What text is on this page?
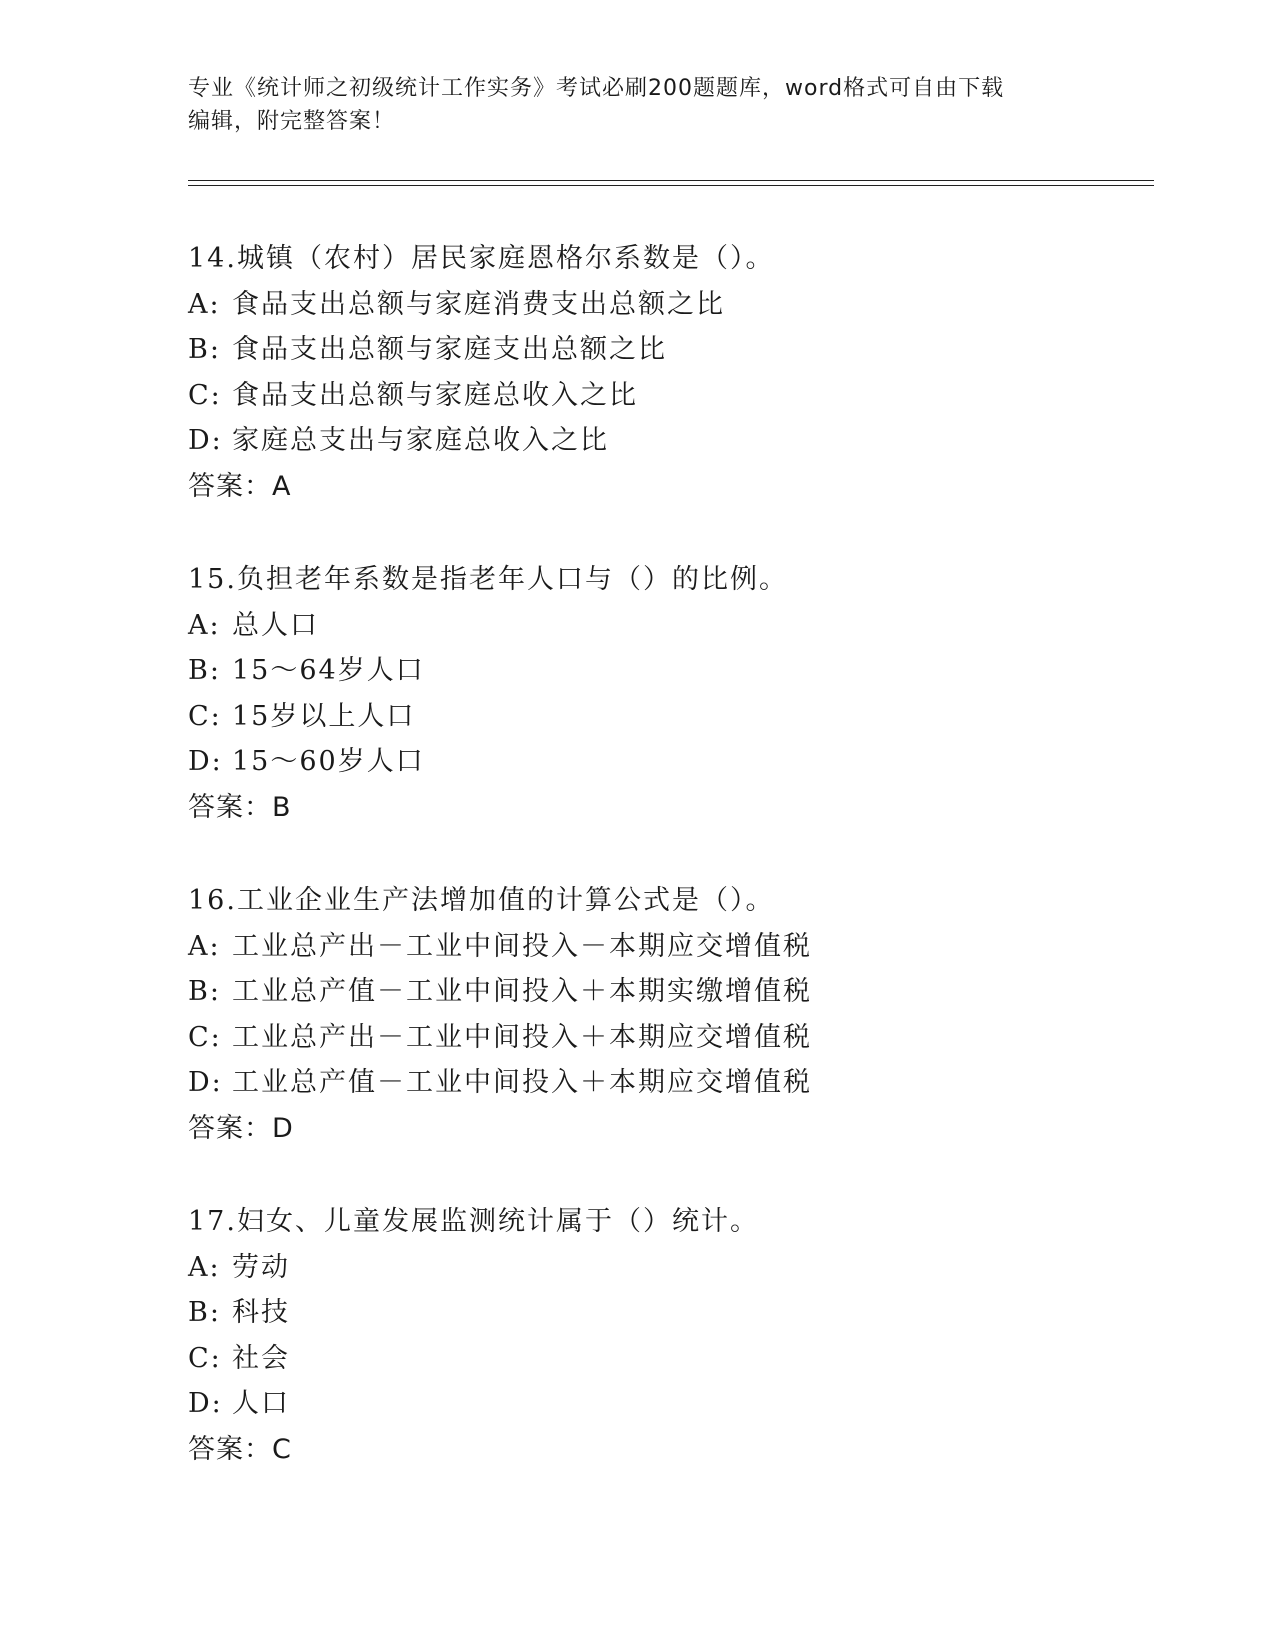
专业《统计师之初级统计工作实务》考试必刷200题题库，word格式可自由下载
编辑，附完整答案！
14.城镇（农村）居民家庭恩格尔系数是（）。
A: 食品支出总额与家庭消费支出总额之比
B: 食品支出总额与家庭支出总额之比
C: 食品支出总额与家庭总收入之比
D: 家庭总支出与家庭总收入之比
答案：A
15.负担老年系数是指老年人口与（）的比例。
A: 总人口
B: 15～64岁人口
C: 15岁以上人口
D: 15～60岁人口
答案：B
16.工业企业生产法增加值的计算公式是（）。
A: 工业总产出－工业中间投入－本期应交增值税
B: 工业总产值－工业中间投入＋本期实缴增值税
C: 工业总产出－工业中间投入＋本期应交增值税
D: 工业总产值－工业中间投入＋本期应交增值税
答案：D
17.妇女、儿童发展监测统计属于（）统计。
A: 劳动
B: 科技
C: 社会
D: 人口
答案：C
